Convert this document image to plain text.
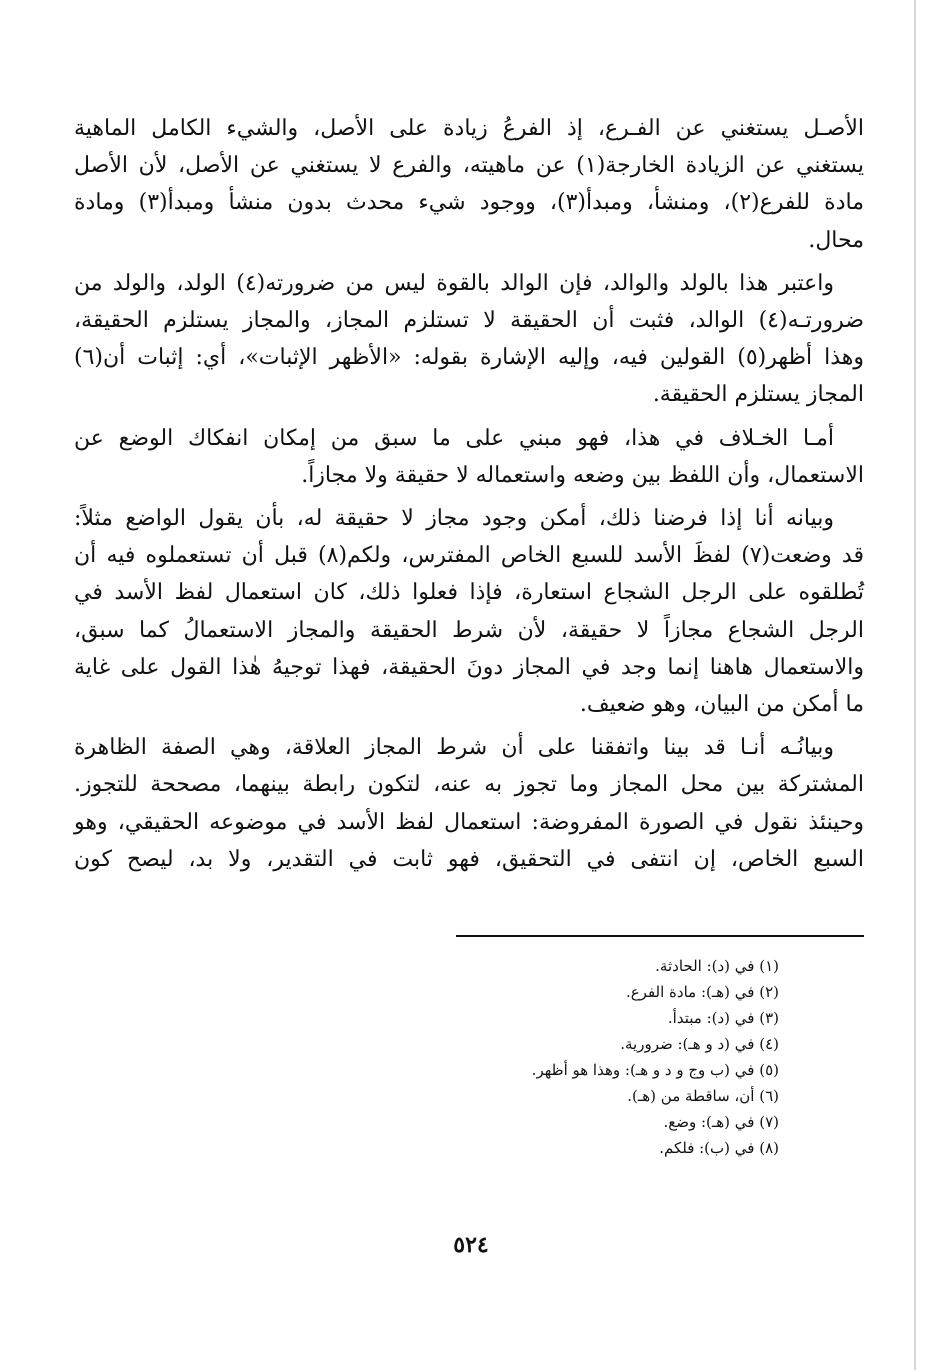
الأصـل يستغني عن الفـرع، إذ الفرعُ زيادة على الأصل، والشيء الكامل الماهية
يستغني عن الزيادة الخارجة(١) عن ماهيته، والفرع لا يستغني عن الأصل، لأن الأصل
مادة للفرع(٢)، ومنشأ، ومبدأ(٣)، ووجود شيء محدث بدون منشأ ومبدأ(٣) ومادة
محال.

واعتبر هذا بالولد والوالد، فإن الوالد بالقوة ليس من ضرورته(٤) الولد، والولد من
ضرورتـه(٤) الوالد، فثبت أن الحقيقة لا تستلزم المجاز، والمجاز يستلزم الحقيقة،
وهذا أظهر(٥) القولين فيه، وإليه الإشارة بقوله: «الأظهر الإثبات»، أي: إثبات أن(٦)
المجاز يستلزم الحقيقة.

أمـا الخـلاف في هذا، فهو مبني على ما سبق من إمكان انفكاك الوضع عن
الاستعمال، وأن اللفظ بين وضعه واستعماله لا حقيقة ولا مجازاً.

وبيانه أنا إذا فرضنا ذلك، أمكن وجود مجاز لا حقيقة له، بأن يقول الواضع مثلاً:
قد وضعت(٧) لفظَ الأسد للسبع الخاص المفترس، ولكم(٨) قبل أن تستعملوه فيه أن
تُطلقوه على الرجل الشجاع استعارة، فإذا فعلوا ذلك، كان استعمال لفظ الأسد في
الرجل الشجاع مجازاً لا حقيقة، لأن شرط الحقيقة والمجاز الاستعمالُ كما سبق،
والاستعمال هاهنا إنما وجد في المجاز دونَ الحقيقة، فهذا توجيهُ هٰذا القول على غاية
ما أمكن من البيان، وهو ضعيف.

وبيانُـه أنـا قد بينا واتفقنا على أن شرط المجاز العلاقة، وهي الصفة الظاهرة
المشتركة بين محل المجاز وما تجوز به عنه، لتكون رابطة بينهما، مصححة للتجوز.
وحينئذ نقول في الصورة المفروضة: استعمال لفظ الأسد في موضوعه الحقيقي، وهو
السبع الخاص، إن انتفى في التحقيق، فهو ثابت في التقدير، ولا بد، ليصح كون

(١) في (د): الحادثة.
(٢) في (هـ): مادة الفرع.
(٣) في (د): مبتدأ.
(٤) في (د و هـ): ضرورية.
(٥) في (ب وج و د و هـ): وهذا هو أظهر.
(٦) أن، ساقطة من (هـ).
(٧) في (هـ): وضع.
(٨) في (ب): فلكم.
٥٢٤
